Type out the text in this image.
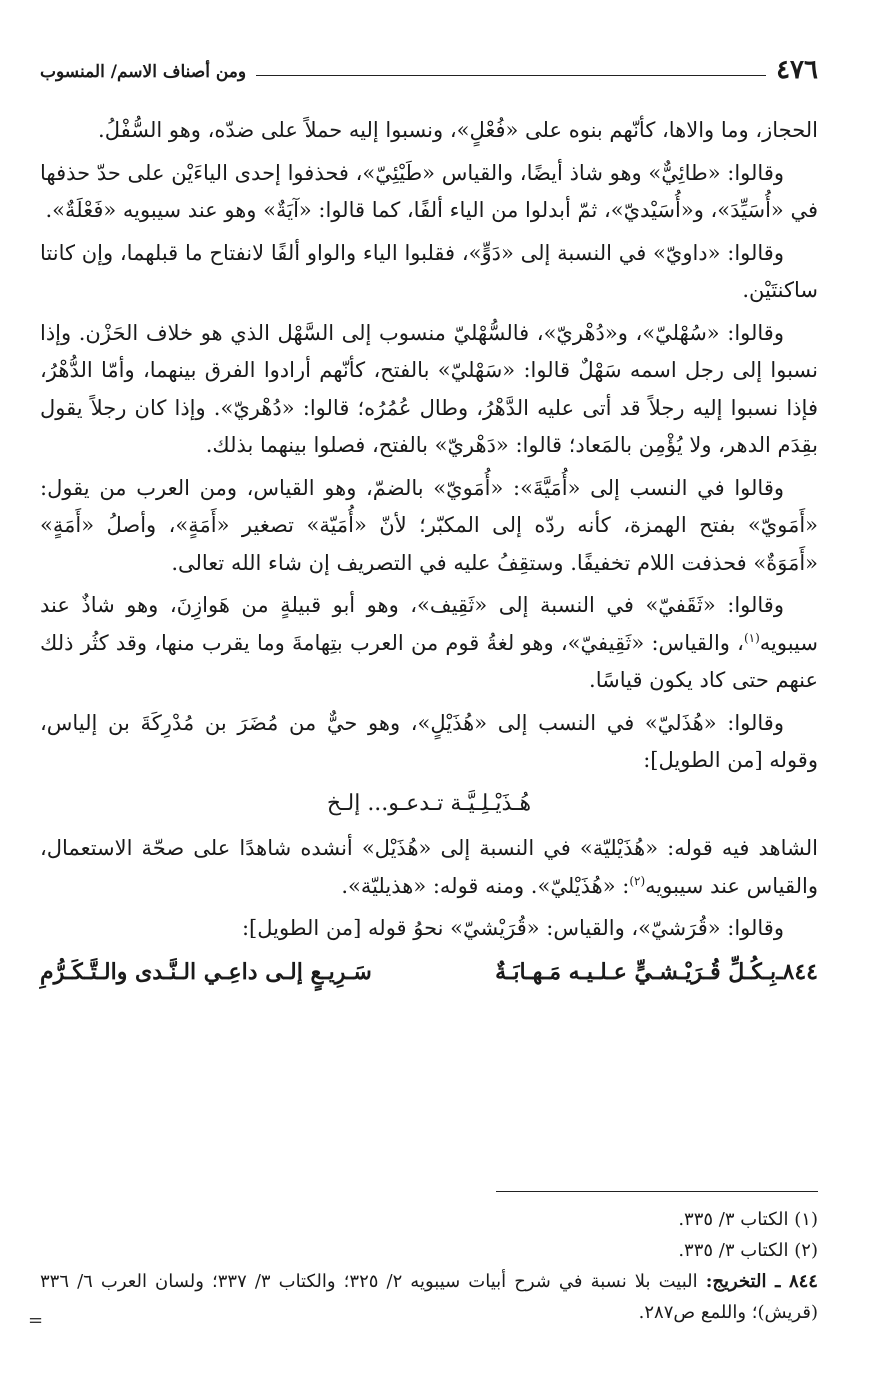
٤٧٦
ومن أصناف الاسم/ المنسوب

الحجاز، وما والاها، كأنّهم بنوه على «فُعْلٍ»، ونسبوا إليه حملاً على ضدّه، وهو السُّفْلُ.

وقالوا: «طائِيٌّ» وهو شاذ أيضًا، والقياس «طَيْئِيّ»، فحذفوا إحدى الياءَيْن على حدّ حذفها في «أُسَيِّدَ»، و«أُسَيْديّ»، ثمّ أبدلوا من الياء ألفًا، كما قالوا: «آيَةٌ» وهو عند سيبويه «فَعْلَةٌ».

وقالوا: «داويّ» في النسبة إلى «دَوٍّ»، فقلبوا الياء والواو ألفًا لانفتاح ما قبلهما، وإن كانتا ساكنتَيْن.

وقالوا: «سُهْليّ»، و«دُهْريّ»، فالسُّهْليّ منسوب إلى السَّهْل الذي هو خلاف الحَزْن. وإذا نسبوا إلى رجل اسمه سَهْلٌ قالوا: «سَهْليّ» بالفتح، كأنّهم أرادوا الفرق بينهما، وأمّا الدُّهْرُ، فإذا نسبوا إليه رجلاً قد أتى عليه الدَّهْرُ، وطال عُمُرُه؛ قالوا: «دُهْريّ». وإذا كان رجلاً يقول بقِدَم الدهر، ولا يُؤْمِن بالمَعاد؛ قالوا: «دَهْريّ» بالفتح، فصلوا بينهما بذلك.

وقالوا في النسب إلى «أُمَيَّةَ»: «أُمَويّ» بالضمّ، وهو القياس، ومن العرب من يقول: «أَمَويّ» بفتح الهمزة، كأنه ردّه إلى المكبّر؛ لأنّ «أُمَيّة» تصغير «أَمَةٍ»، وأصلُ «أَمَةٍ» «أَمَوَةٌ» فحذفت اللام تخفيفًا. وستقِفُ عليه في التصريف إن شاء الله تعالى.

وقالوا: «ثَقَفيّ» في النسبة إلى «ثَقِيف»، وهو أبو قبيلةٍ من هَوازِنَ، وهو شاذٌ عند سيبويه$^{(١)}$، والقياس: «ثَقِيفيّ»، وهو لغةُ قوم من العرب بتِهامةَ وما يقرب منها، وقد كثُر ذلك عنهم حتى كاد يكون قياسًا.

وقالوا: «هُذَليّ» في النسب إلى «هُذَيْلٍ»، وهو حيٌّ من مُضَرَ بن مُدْرِكَةَ بن إلياس، وقوله [من الطويل]:

هُـذَيْـلِـيَّـة تـدعـو... إلـخ

الشاهد فيه قوله: «هُذَيْليّة» في النسبة إلى «هُذَيْل» أنشده شاهدًا على صحّة الاستعمال، والقياس عند سيبويه$^{(٢)}$: «هُذَيْليّ». ومنه قوله: «هذيليّة».

وقالوا: «قُرَشيّ»، والقياس: «قُرَيْشيّ» نحوُ قوله [من الطويل]:

٨٤٤ـ
بِـكُـلِّ قُـرَيْـشـيٍّ عـلـيـه مَـهـابَـةٌ
سَـرِيـعٍ إلـى داعِـي الـنَّـدى والـتَّـكَـرُّمِ

(١) الكتاب ٣/ ٣٣٥.

(٢) الكتاب ٣/ ٣٣٥.

٨٤٤ ـ التخريج: البيت بلا نسبة في شرح أبيات سيبويه ٢/ ٣٢٥؛ والكتاب ٣/ ٣٣٧؛ ولسان العرب ٦/ ٣٣٦ (قريش)؛ واللمع ص٢٨٧.

=
